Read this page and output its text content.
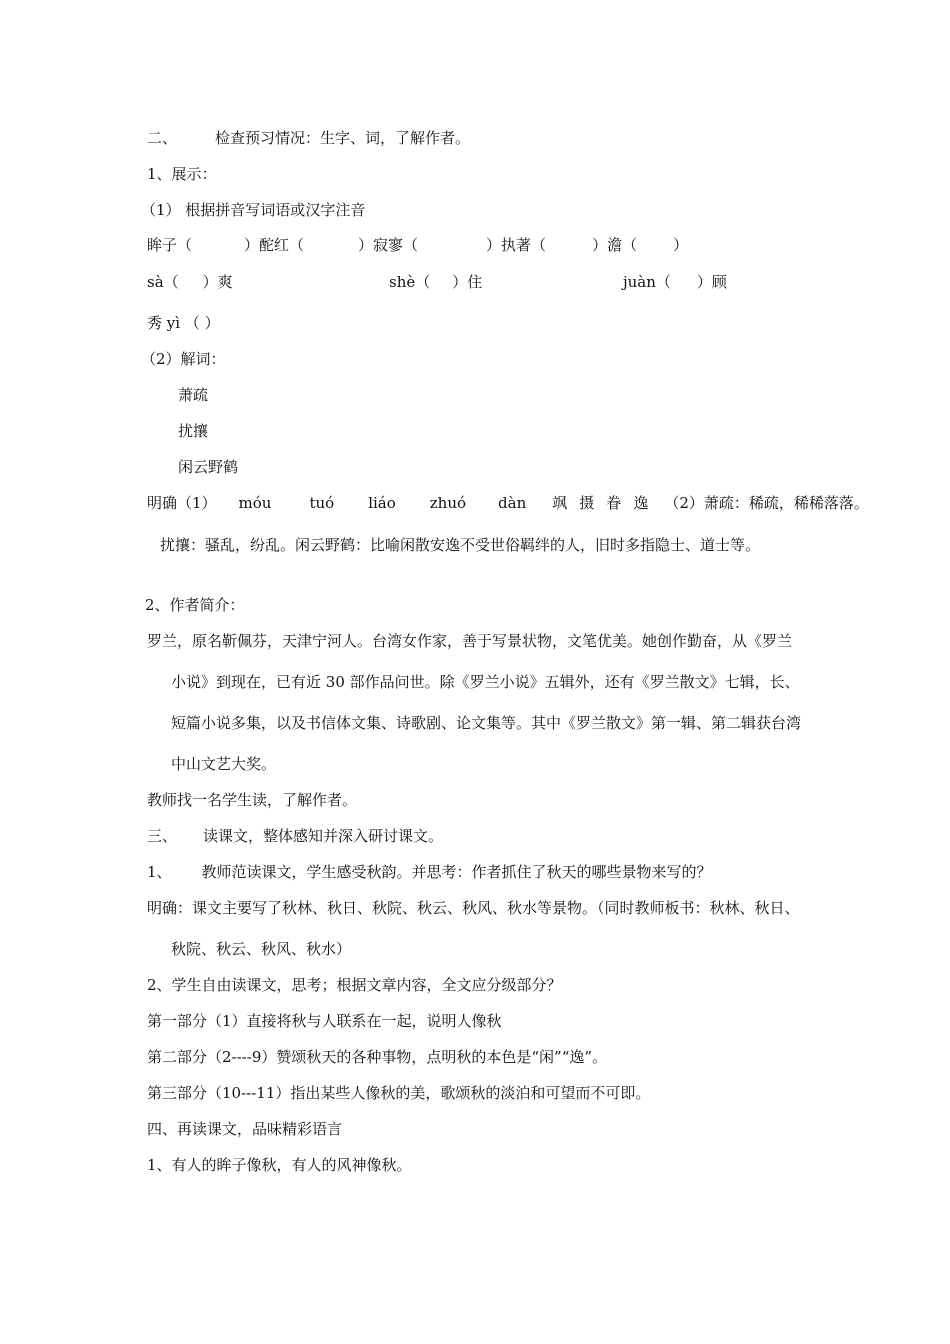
二、	检查预习情况：生字、词，了解作者。
1、展示：
（1） 根据拼音写词语或汉字注音
眸子（	）酡红（	）寂寥（	）执著（	）澹（ ）
sà（ ）爽	shè（ ）住	juàn（ ）顾
秀 yì （ ）
（2）解词：
萧疏
扰攘
闲云野鹤
明确（1） móu	tuó liáo zhuó dàn 飒 摄 眷 逸 （2）萧疏：稀疏，稀稀落落。
扰攘：骚乱，纷乱。闲云野鹤：比喻闲散安逸不受世俗羁绊的人，旧时多指隐士、道士等。
2、作者简介：
罗兰，原名靳佩芬，天津宁河人。台湾女作家，善于写景状物，文笔优美。她创作勤奋，从《罗兰
小说》到现在，已有近 30 部作品问世。除《罗兰小说》五辑外，还有《罗兰散文》七辑，长、
短篇小说多集，以及书信体文集、诗歌剧、论文集等。其中《罗兰散文》第一辑、第二辑获台湾
中山文艺大奖。
教师找一名学生读，了解作者。
三、 读课文，整体感知并深入研讨课文。
1、 教师范读课文，学生感受秋韵。并思考：作者抓住了秋天的哪些景物来写的？
明确：课文主要写了秋林、秋日、秋院、秋云、秋风、秋水等景物。（同时教师板书：秋林、秋日、
秋院、秋云、秋风、秋水）
2、学生自由读课文，思考；根据文章内容，全文应分级部分？
第一部分（1）直接将秋与人联系在一起，说明人像秋
第二部分（2----9）赞颂秋天的各种事物，点明秋的本色是“闲”“逸”。
第三部分（10---11）指出某些人像秋的美，歌颂秋的淡泊和可望而不可即。
四、再读课文，品味精彩语言
1、有人的眸子像秋，有人的风神像秋。
